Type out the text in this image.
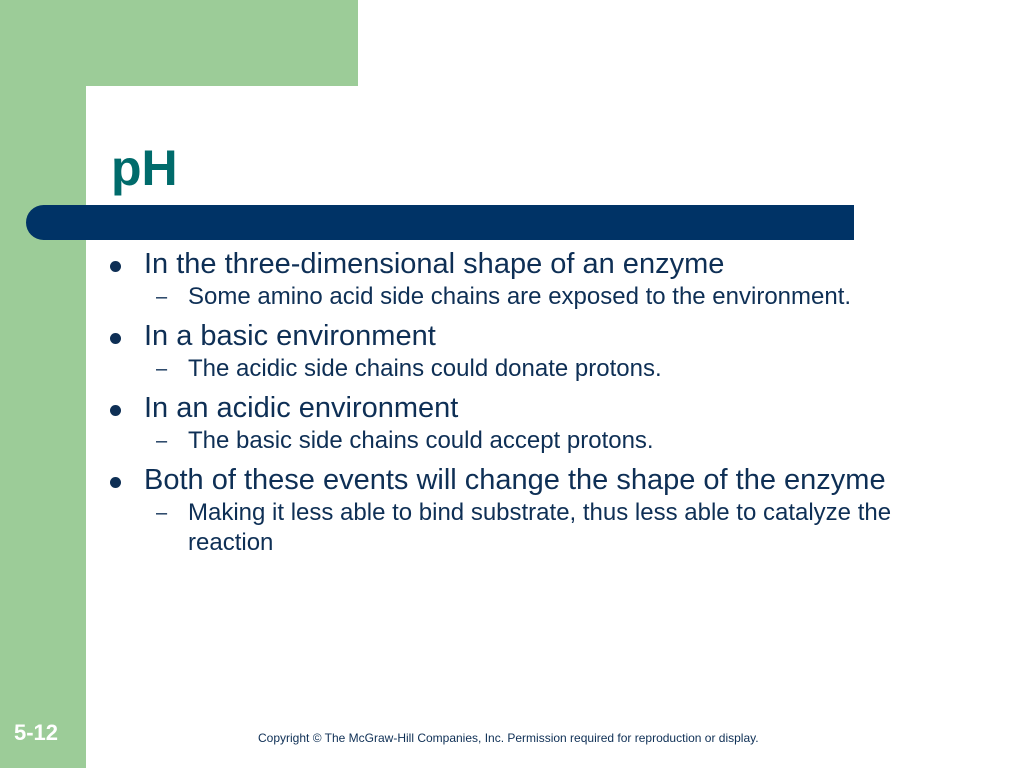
pH
In the three-dimensional shape of an enzyme
– Some amino acid side chains are exposed to the environment.
In a basic environment
– The acidic side chains could donate protons.
In an acidic environment
– The basic side chains could accept protons.
Both of these events will change the shape of the enzyme
– Making it less able to bind substrate, thus less able to catalyze the reaction
5-12	Copyright © The McGraw-Hill Companies, Inc. Permission required for reproduction or display.
